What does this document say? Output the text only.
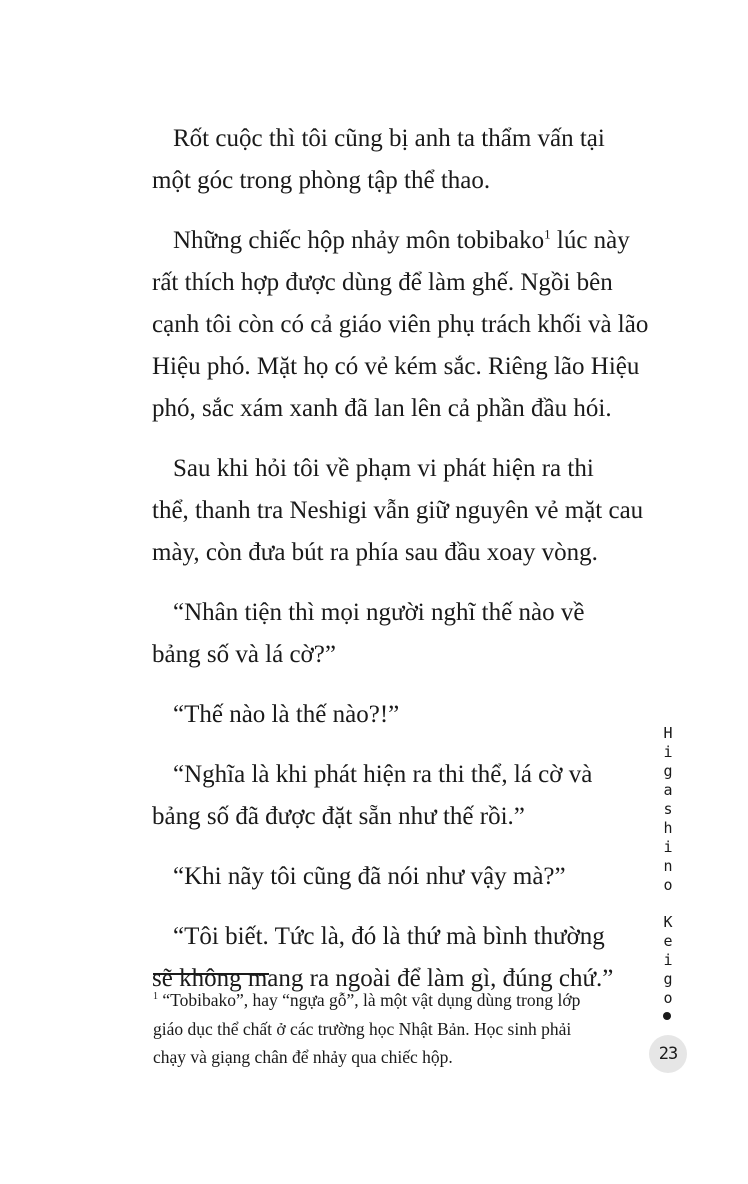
Rốt cuộc thì tôi cũng bị anh ta thẩm vấn tại
một góc trong phòng tập thể thao.

Những chiếc hộp nhảy môn tobibako$^1$ lúc này
rất thích hợp được dùng để làm ghế. Ngồi bên
cạnh tôi còn có cả giáo viên phụ trách khối và lão
Hiệu phó. Mặt họ có vẻ kém sắc. Riêng lão Hiệu
phó, sắc xám xanh đã lan lên cả phần đầu hói.

Sau khi hỏi tôi về phạm vi phát hiện ra thi
thể, thanh tra Neshigi vẫn giữ nguyên vẻ mặt cau
mày, còn đưa bút ra phía sau đầu xoay vòng.

“Nhân tiện thì mọi người nghĩ thế nào về
bảng số và lá cờ?”

“Thế nào là thế nào?!”

“Nghĩa là khi phát hiện ra thi thể, lá cờ và
bảng số đã được đặt sẵn như thế rồi.”

“Khi nãy tôi cũng đã nói như vậy mà?”

“Tôi biết. Tức là, đó là thứ mà bình thường
sẽ không mang ra ngoài để làm gì, đúng chứ.”

$^1$ “Tobibako”, hay “ngựa gỗ”, là một vật dụng dùng trong lớp
giáo dục thể chất ở các trường học Nhật Bản. Học sinh phải
chạy và giạng chân để nhảy qua chiếc hộp.
H
i
g
a
s
h
i
n
o
K
e
i
g
o
23
